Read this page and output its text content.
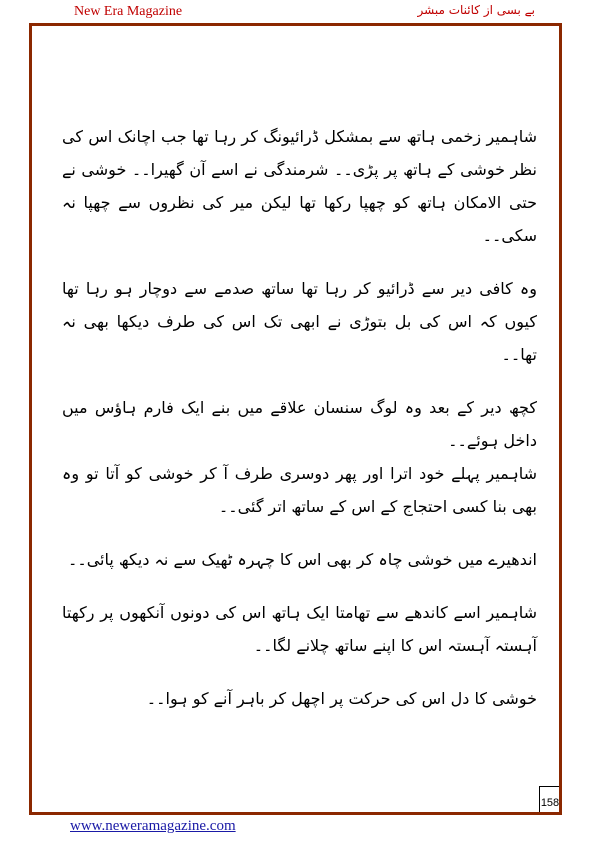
New Era Magazine	بے بسی از کائنات مبشر

شاہمیر زخمی ہاتھ سے بمشکل ڈرائیونگ کر رہا تھا جب اچانک اس کی نظر خوشی کے ہاتھ پر پڑی۔۔ شرمندگی نے اسے آن گھیرا۔۔ خوشی نے حتی الامکان ہاتھ کو چھپا رکھا تھا لیکن میر کی نظروں سے چھپا نہ سکی۔۔

وہ کافی دیر سے ڈرائیو کر رہا تھا ساتھ صدمے سے دوچار ہو رہا تھا کیوں کہ اس کی بل بتوڑی نے ابھی تک اس کی طرف دیکھا بھی نہ تھا۔۔

کچھ دیر کے بعد وہ لوگ سنسان علاقے میں بنے ایک فارم ہاؤس میں داخل ہوئے۔۔

شاہمیر پہلے خود اترا اور پھر دوسری طرف آ کر خوشی کو آتا تو وہ بھی بنا کسی احتجاج کے اس کے ساتھ اتر گئی۔۔

اندھیرے میں خوشی چاہ کر بھی اس کا چہرہ ٹھیک سے نہ دیکھ پائی۔۔

شاہمیر اسے کاندھے سے تھامتا ایک ہاتھ اس کی دونوں آنکھوں پر رکھتا آہستہ آہستہ اس کا اپنے ساتھ چلانے لگا۔۔

خوشی کا دل اس کی حرکت پر اچھل کر باہر آنے کو ہوا۔۔

158
www.neweramagazine.com
